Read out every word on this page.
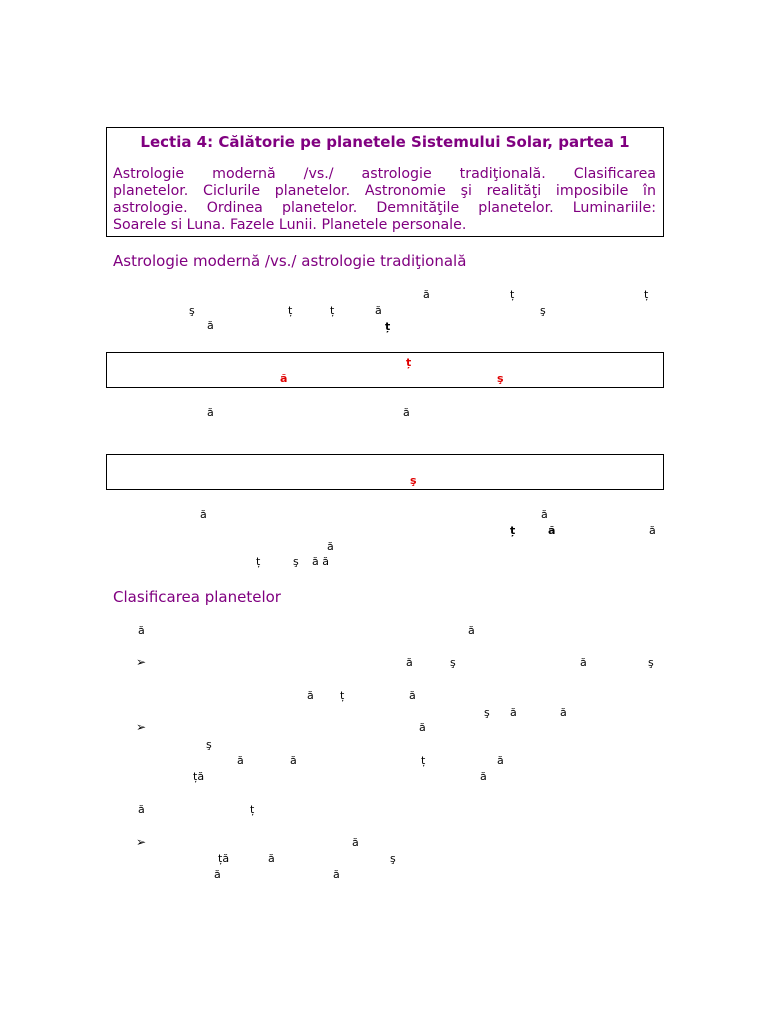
Lectia 4: Călătorie pe planetele Sistemului Solar, partea 1
Astrologie modernă /vs./ astrologie tradiţională. Clasificarea
planetelor. Ciclurile planetelor. Astronomie şi realităţi imposibile în
astrologie. Ordinea planetelor. Demnităţile planetelor. Luminariile:
Soarele si Luna. Fazele Lunii. Planetele personale.
Astrologie modernă /vs./ astrologie tradiţională
ă	ț	ț
ş	ț	ț	ă	ş
ă	ț
ț
ă	ş
ă	ă
ş
ă	ă
ț	ă	ă
ă
ț	ş ă ă
Clasificarea planetelor
ă	ă
➢	ă	ş	ă	ş
ă ț	ă
ş ă	ă
➢	ă
ş
ă	ă	ț	ă
ță	ă
ă	ț
➢	ă
ță	ă	ş
ă	ă
